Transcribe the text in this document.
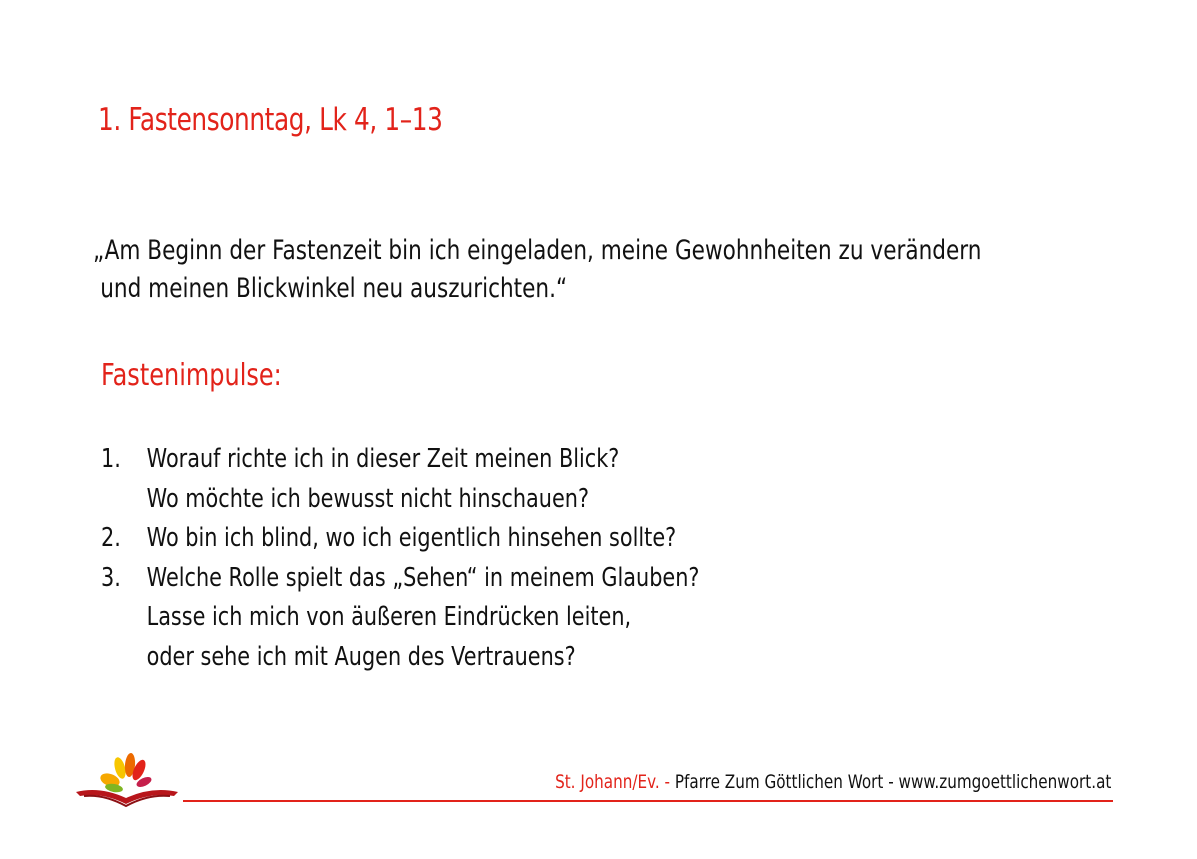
1. Fastensonntag, Lk 4, 1–13
„Am Beginn der Fastenzeit bin ich eingeladen, meine Gewohnheiten zu verändern
und meinen Blickwinkel neu auszurichten.“
Fastenimpulse:
1. Worauf richte ich in dieser Zeit meinen Blick?
Wo möchte ich bewusst nicht hinschauen?
2. Wo bin ich blind, wo ich eigentlich hinsehen sollte?
3. Welche Rolle spielt das „Sehen“ in meinem Glauben?
Lasse ich mich von äußeren Eindrücken leiten,
oder sehe ich mit Augen des Vertrauens?
St. Johann/Ev. - Pfarre Zum Göttlichen Wort - www.zumgoettlichenwort.at
